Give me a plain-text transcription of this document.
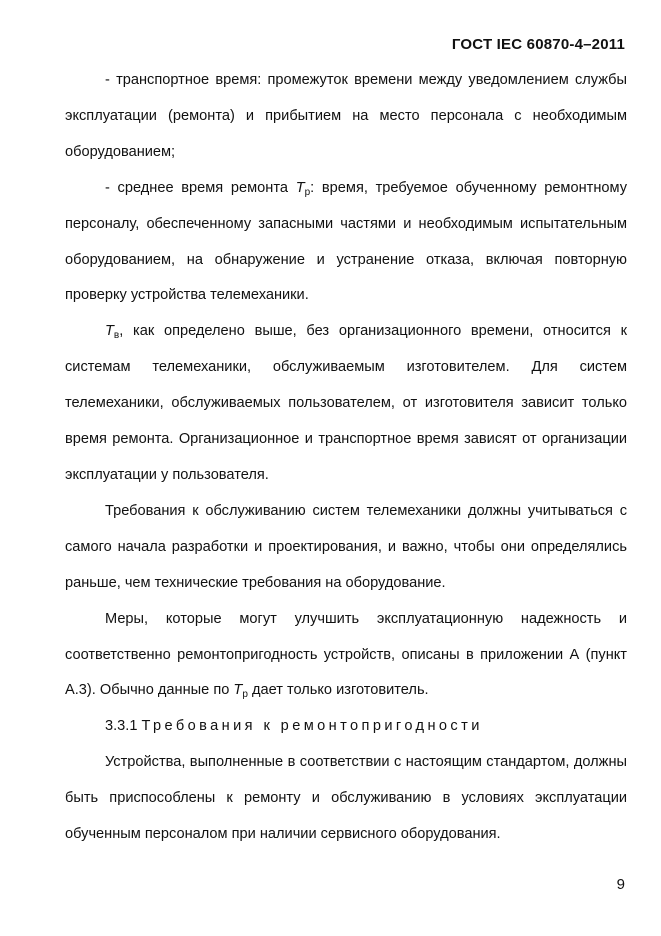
ГОСТ IEC 60870-4–2011

- транспортное время: промежуток времени между уведомлением службы эксплуатации (ремонта) и прибытием на место персонала с необходимым оборудованием;

- среднее время ремонта $T_р$: время, требуемое обученному ремонтному персоналу, обеспеченному запасными частями и необходимым испытательным оборудованием, на обнаружение и устранение отказа, включая повторную проверку устройства телемеханики.

$T_в$, как определено выше, без организационного времени, относится к системам телемеханики, обслуживаемым изготовителем. Для систем телемеханики, обслуживаемых пользователем, от изготовителя зависит только время ремонта. Организационное и транспортное время зависят от организации эксплуатации у пользователя.

Требования к обслуживанию систем телемеханики должны учитываться с самого начала разработки и проектирования, и важно, чтобы они определялись раньше, чем технические требования на оборудование.

Меры, которые могут улучшить эксплуатационную надежность и соответственно ремонтопригодность устройств, описаны в приложении А (пункт А.3). Обычно данные по $T_р$ дает только изготовитель.

3.3.1 Требования к ремонтопригодности

Устройства, выполненные в соответствии с настоящим стандартом, должны быть приспособлены к ремонту и обслуживанию в условиях эксплуатации обученным персоналом при наличии сервисного оборудования.

9
